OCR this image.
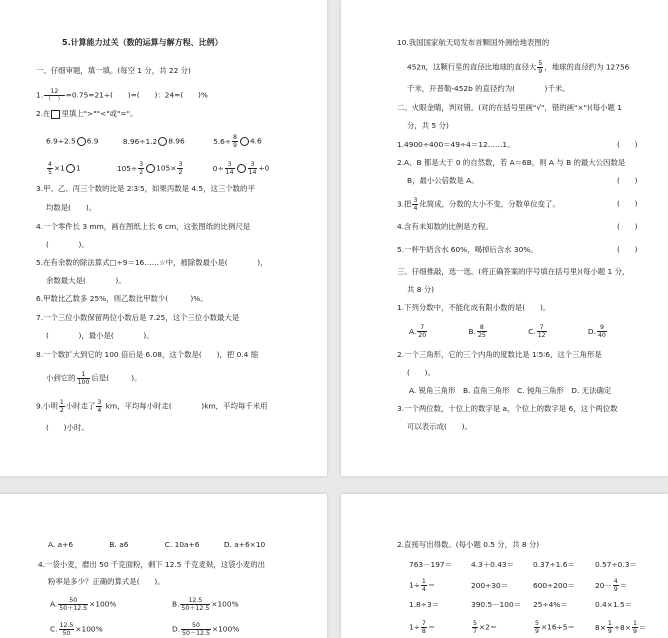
5.计算能力过关（数的运算与解方程、比例）
一、仔细审题，填一填。(每空 1 分，共 22 分)
1. $\frac{12}{( )} =0.75=21\div$(　　)=(　　)：24=(　　)%
2.在 里填上">""<"或"="。
6.9÷2.5 6.9	8.96÷1.2 8.96	$5.6\div \frac{8}{9} 4.6$
$\frac{4}{5} \times 1$ 1	$105\div \frac{3}{2} 105\times \frac{3}{2}$	$0\div \frac{3}{14} \frac{3}{14} \div 0$
3.甲、乙、丙三个数的比是 2∶3∶5，如果丙数是 4.5，这三个数的平
均数是(　　)。
4.一个零件长 3 mm，画在图纸上长 6 cm，这张图纸的比例尺是
(　　　　)。
5.在有余数的除法算式□÷9＝16……☆中，被除数最小是(　　　　)，
余数最大是(　　　　)。
6.甲数比乙数多 25%，则乙数比甲数少(　　　)%。
7.一个三位小数保留两位小数后是 7.25，这个三位小数最大是
(　　　　)，最小是(　　　　)。
8.一个数扩大到它的 100 倍后是 6.08，这个数是(　　)，把 0.4 缩
小到它的 $\frac{1}{100}$ 后是(　　　)。
9.小明 $\frac{1}{2}$ 小时走了 $\frac{3}{4}$ km，平均每小时走(　　　　)km，平均每千米用
(　　)小时。
10.我国国家航天局发布首颗国外测绘地表图的
452π，这颗行星的直径比地球的直径大 $\frac{5}{9}$ ，地球的直径约为 12756
千米，开普勒-452b 的直径约为(　　　　)千米。
二、火眼金睛，判对错。(对的在括号里画"√"，错的画"×")(每小题 1
分，共 5 分)
1.4900÷400＝49÷4＝12……1。	(　　)
2.A、B 都是大于 0 的自然数，若 A＝6B，则 A 与 B 的最大公因数是
B，最小公倍数是 A。	(　　)
3.把 $\frac{3}{4}$ 化简成，分数的大小不变，分数单位变了。	(　　)
4.含有未知数的比例是方程。	(　　)
5.一杯牛奶含水 60%，喝掉后含水 30%。	(　　)
三、仔细推敲，选一选。(将正确答案的序号填在括号里)(每小题 1 分，
共 8 分)
1.下列分数中，不能化成有限小数的是(　　)。
A. $\frac{7}{20}$	B. $\frac{8}{25}$	C. $\frac{7}{12}$	D. $\frac{9}{40}$
2.一个三角形，它的三个内角的度数比是 1∶5∶6，这个三角形是
(　　)。
A. 锐角三角形　B. 直角三角形　C. 钝角三角形　D. 无法确定
3.一个两位数，十位上的数字是 a，个位上的数字是 6，这个两位数
可以表示成(　　)。
A. a+6	B. a6	C. 10a+6	D. a+6×10
4.一袋小麦，磨出 50 千克面粉，剩下 12.5 千克麦麸，这袋小麦的出
粉率是多少？正确的算式是(　　)。
A. $\frac{50}{50+12.5} \times 100\%$	B. $\frac{12.5}{50+12.5} \times 100\%$
C. $\frac{12.5}{50} \times 100\%$	D. $\frac{50}{50-12.5} \times 100\%$
2.直接写出得数。(每小题 0.5 分，共 8 分)
763－197＝	4.3＋0.43＝	0.37÷1.6＝	0.57÷0.3＝
$1\div \frac{1}{4}$ ＝	200÷30＝	600÷200＝	$20- \frac{4}{9}$ ＝
1.8÷3＝	390.5－100＝ 25÷4%＝	0.4×1.5＝
$1\div \frac{7}{8}$ ＝	$\frac{5}{7} \times 2=$	$\frac{5}{9} \times 16\div 5=$	$8\times \frac{1}{9} \div 8\times \frac{1}{9}$ ＝
